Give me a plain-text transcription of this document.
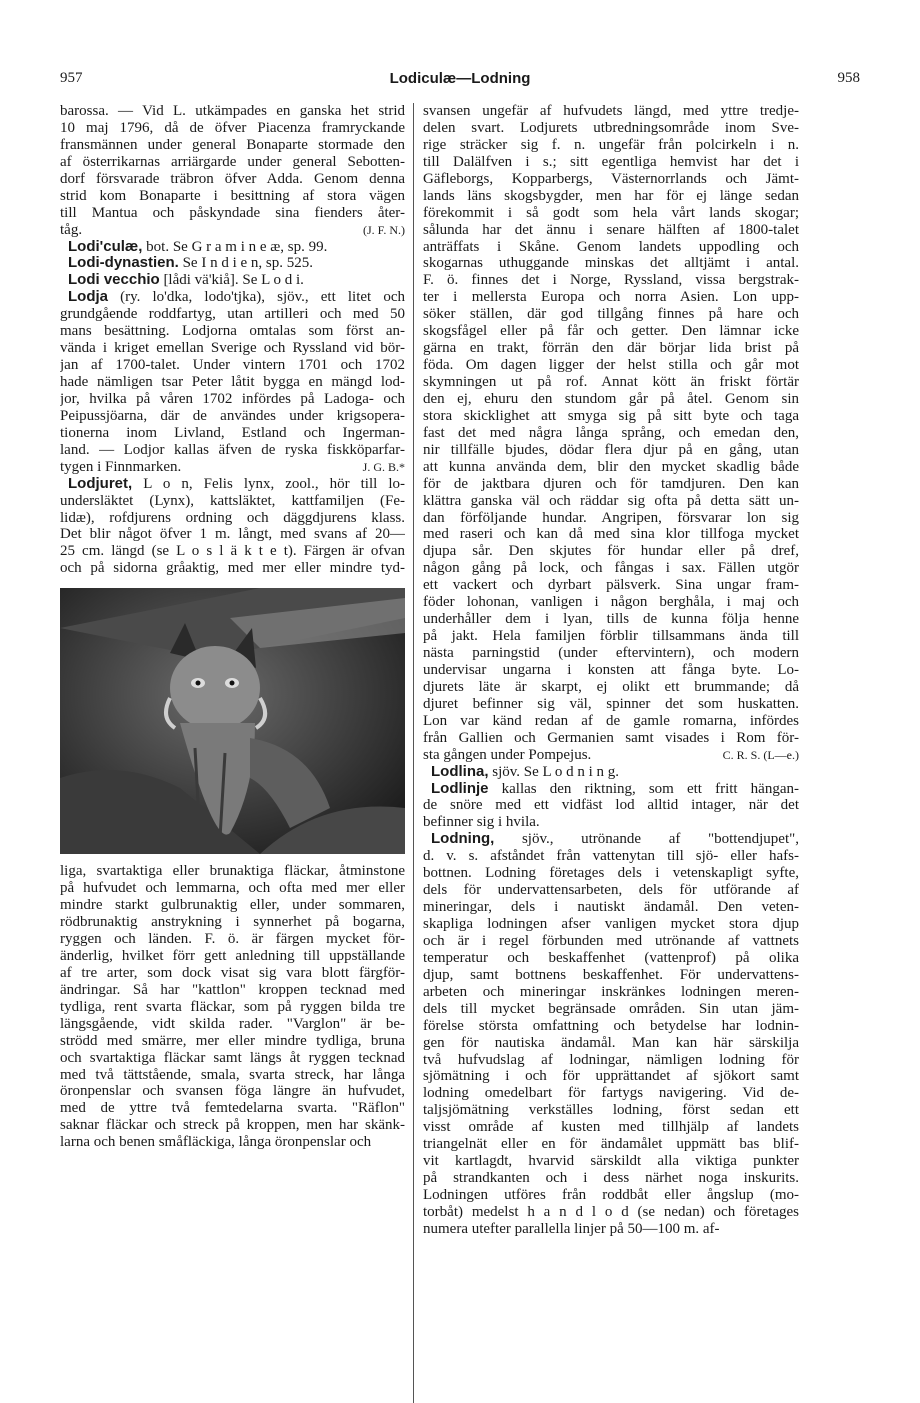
957	Lodiculæ—Lodning	958
barossa. — Vid L. utkämpades en ganska het strid
10 maj 1796, då de öfver Piacenza framryckande
fransmännen under general Bonaparte stormade den
af österrikarnas arriärgarde under general Sebotten-
dorf försvarade träbron öfver Adda. Genom denna
strid kom Bonaparte i besittning af stora vägen
till Mantua och påskyndade sina fienders åter-
(J. F. N.)
tåg.
Lodi'culæ, bot. Se G r a m i n e æ, sp. 99.
Lodi-dynastien. Se I n d i e n, sp. 525.
Lodi vecchio [lådi vä'kiå]. Se L o d i.
Lodja (ry. lo'dka, lodo'tjka), sjöv., ett litet och
grundgående roddfartyg, utan artilleri och med 50
mans besättning. Lodjorna omtalas som först an-
vända i kriget emellan Sverige och Ryssland vid bör-
jan af 1700-talet. Under vintern 1701 och 1702
hade nämligen tsar Peter låtit bygga en mängd lod-
jor, hvilka på våren 1702 infördes på Ladoga- och
Peipussjöarna, där de användes under krigsopera-
tionerna inom Livland, Estland och Ingerman-
land. — Lodjor kallas äfven de ryska fiskköparfar-
J. G. B.*
tygen i Finnmarken.
Lodjuret, L o n, Felis lynx, zool., hör till lo-
undersläktet (Lynx), kattsläktet, kattfamiljen (Fe-
lidæ), rofdjurens ordning och däggdjurens klass.
Det blir något öfver 1 m. långt, med svans af 20—
25 cm. längd (se L o s l ä k t e t). Färgen är ofvan
och på sidorna gråaktig, med mer eller mindre tyd-
liga, svartaktiga eller brunaktiga fläckar, åtminstone
på hufvudet och lemmarna, och ofta med mer eller
mindre starkt gulbrunaktig eller, under sommaren,
rödbrunaktig anstrykning i synnerhet på bogarna,
ryggen och länden. F. ö. är färgen mycket för-
änderlig, hvilket förr gett anledning till uppställande
af tre arter, som dock visat sig vara blott färgför-
ändringar. Så har "kattlon" kroppen tecknad med
tydliga, rent svarta fläckar, som på ryggen bilda tre
längsgående, vidt skilda rader. "Varglon" är be-
strödd med smärre, mer eller mindre tydliga, bruna
och svartaktiga fläckar samt längs åt ryggen tecknad
med två tättstående, smala, svarta streck, har långa
öronpenslar och svansen föga längre än hufvudet,
med de yttre två femtedelarna svarta. "Räflon"
saknar fläckar och streck på kroppen, men har skänk-
larna och benen småfläckiga, långa öronpenslar och
svansen ungefär af hufvudets längd, med yttre tredje-
delen svart. Lodjurets utbredningsområde inom Sve-
rige sträcker sig f. n. ungefär från polcirkeln i n.
till Dalälfven i s.; sitt egentliga hemvist har det i
Gäfleborgs, Kopparbergs, Västernorrlands och Jämt-
lands läns skogsbygder, men har för ej länge sedan
förekommit i så godt som hela vårt lands skogar;
sålunda har det ännu i senare hälften af 1800-talet
anträffats i Skåne. Genom landets uppodling och
skogarnas uthuggande minskas det alltjämt i antal.
F. ö. finnes det i Norge, Ryssland, vissa bergstrak-
ter i mellersta Europa och norra Asien. Lon upp-
söker ställen, där god tillgång finnes på hare och
skogsfågel eller på får och getter. Den lämnar icke
gärna en trakt, förrän den där börjar lida brist på
föda. Om dagen ligger der helst stilla och går mot
skymningen ut på rof. Annat kött än friskt förtär
den ej, ehuru den stundom går på åtel. Genom sin
stora skicklighet att smyga sig på sitt byte och taga
fast det med några långa språng, och emedan den,
nir tillfälle bjudes, dödar flera djur på en gång, utan
att kunna använda dem, blir den mycket skadlig både
för de jaktbara djuren och för tamdjuren. Den kan
klättra ganska väl och räddar sig ofta på detta sätt un-
dan förföljande hundar. Angripen, försvarar lon sig
med raseri och kan då med sina klor tillfoga mycket
djupa sår. Den skjutes för hundar eller på dref,
någon gång på lock, och fångas i sax. Fällen utgör
ett vackert och dyrbart pälsverk. Sina ungar fram-
föder lohonan, vanligen i någon berghåla, i maj och
underhåller dem i lyan, tills de kunna följa henne
på jakt. Hela familjen förblir tillsammans ända till
nästa parningstid (under eftervintern), och modern
undervisar ungarna i konsten att fånga byte. Lo-
djurets läte är skarpt, ej olikt ett brummande; då
djuret befinner sig väl, spinner det som huskatten.
Lon var känd redan af de gamle romarna, infördes
från Gallien och Germanien samt visades i Rom för-
C. R. S. (L—e.)
sta gången under Pompejus.
Lodlina, sjöv. Se L o d n i n g.
Lodlinje kallas den riktning, som ett fritt hängan-
de snöre med ett vidfäst lod alltid intager, när det
befinner sig i hvila.
Lodning, sjöv., utrönande af "bottendjupet",
d. v. s. afståndet från vattenytan till sjö- eller hafs-
bottnen. Lodning företages dels i vetenskapligt syfte,
dels för undervattensarbeten, dels för utförande af
mineringar, dels i nautiskt ändamål. Den veten-
skapliga lodningen afser vanligen mycket stora djup
och är i regel förbunden med utrönande af vattnets
temperatur och beskaffenhet (vattenprof) på olika
djup, samt bottnens beskaffenhet. För undervattens-
arbeten och mineringar inskränkes lodningen meren-
dels till mycket begränsade områden. Sin utan jäm-
förelse största omfattning och betydelse har lodnin-
gen för nautiska ändamål. Man kan här särskilja
två hufvudslag af lodningar, nämligen lodning för
sjömätning i och för upprättandet af sjökort samt
lodning omedelbart för fartygs navigering. Vid de-
taljsjömätning verkställes lodning, först sedan ett
visst område af kusten med tillhjälp af landets
triangelnät eller en för ändamålet uppmätt bas blif-
vit kartlagdt, hvarvid särskildt alla viktiga punkter
på strandkanten och i dess närhet noga inskurits.
Lodningen utföres från roddbåt eller ångslup (mo-
torbåt) medelst h a n d l o d (se nedan) och företages
numera utefter parallella linjer på 50—100 m. af-
